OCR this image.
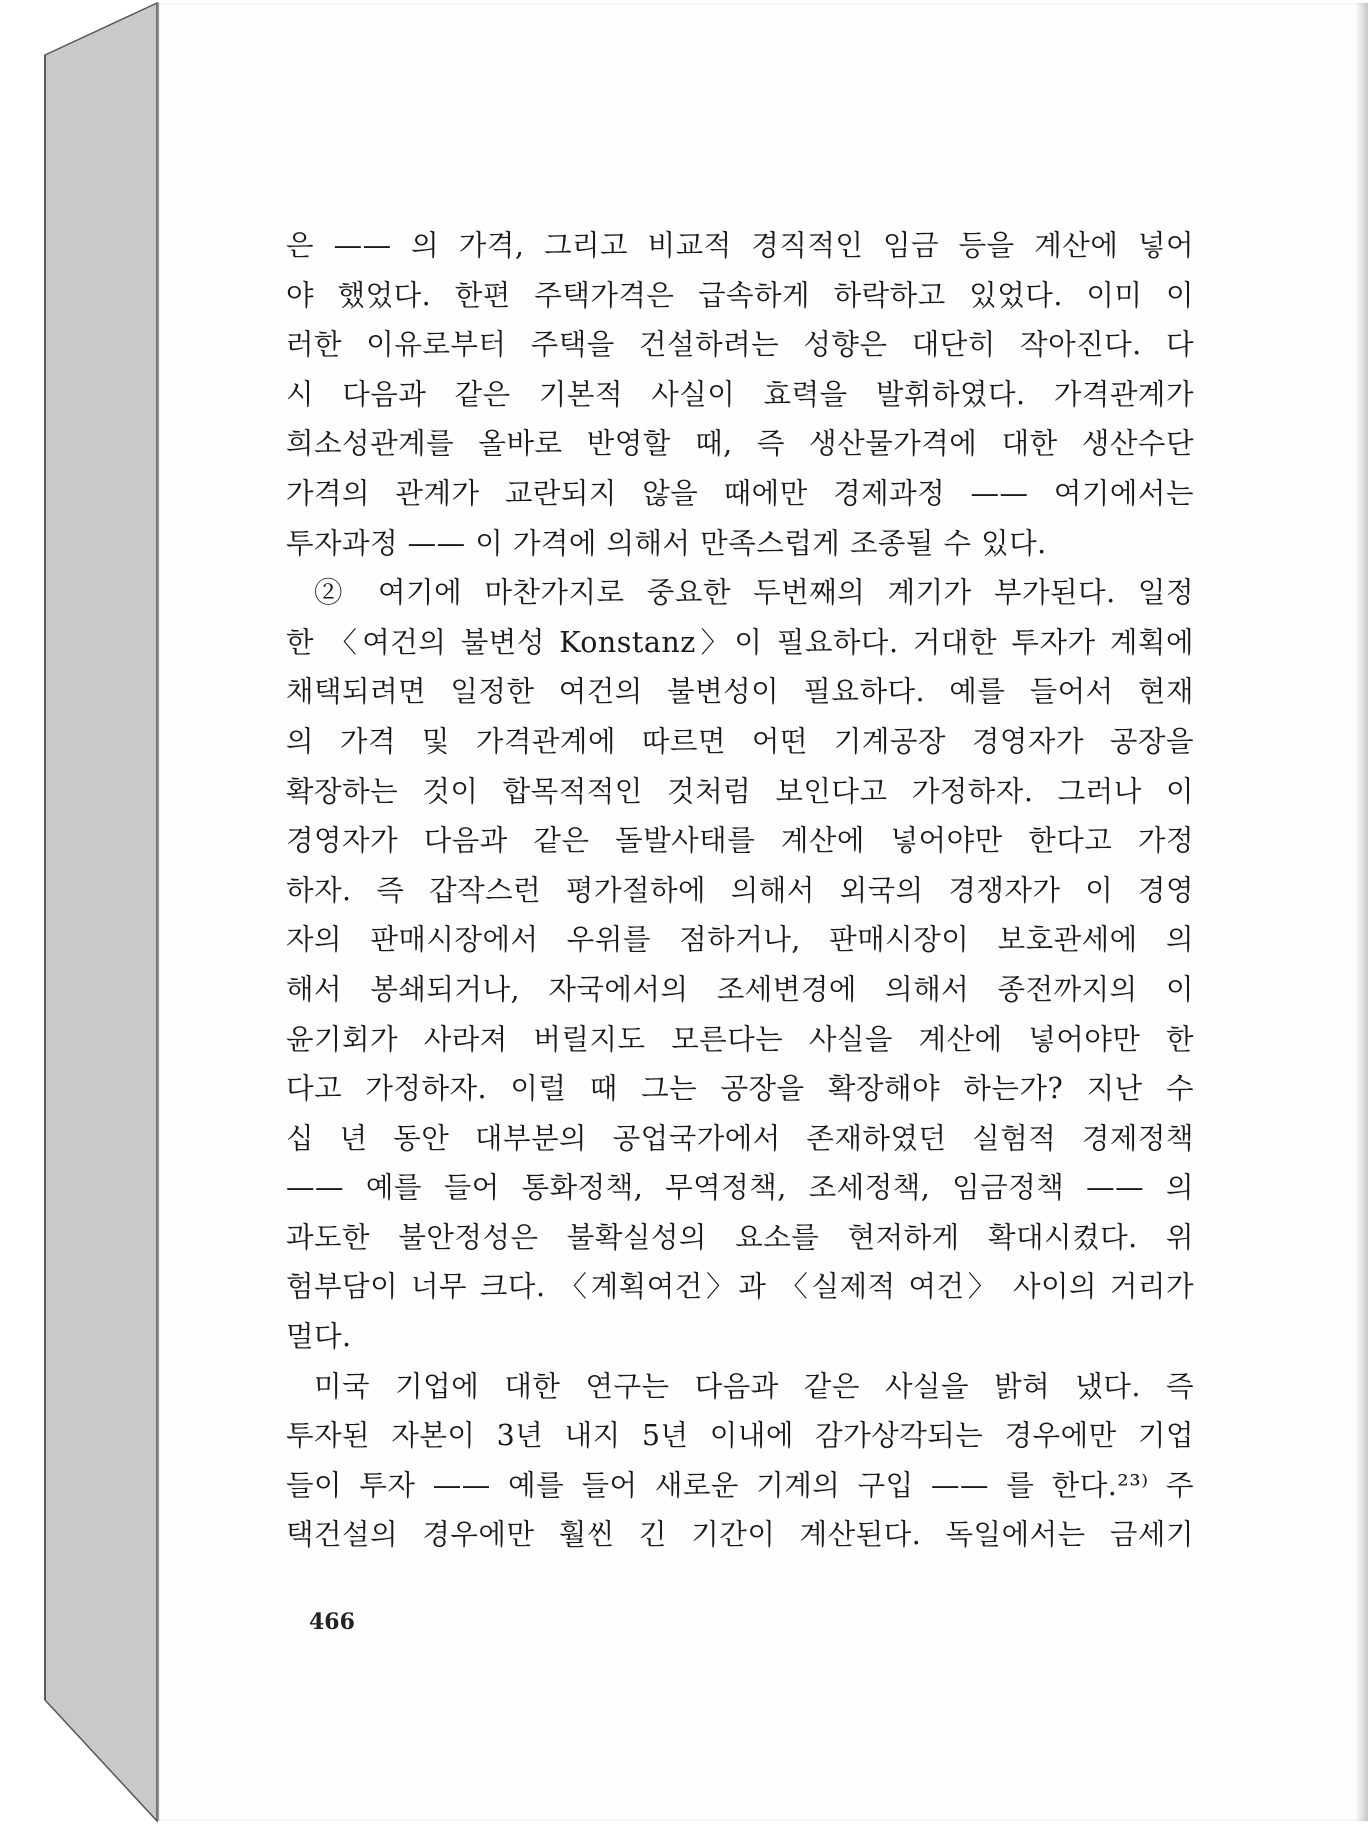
은 —— 의 가격, 그리고 비교적 경직적인 임금 등을 계산에 넣어
야 했었다. 한편 주택가격은 급속하게 하락하고 있었다. 이미 이
러한 이유로부터 주택을 건설하려는 성향은 대단히 작아진다. 다
시 다음과 같은 기본적 사실이 효력을 발휘하였다. 가격관계가
희소성관계를 올바로 반영할 때, 즉 생산물가격에 대한 생산수단
가격의 관계가 교란되지 않을 때에만 경제과정 —— 여기에서는
투자과정 —— 이 가격에 의해서 만족스럽게 조종될 수 있다.
② 여기에 마찬가지로 중요한 두번째의 계기가 부가된다. 일정
한 〈여건의 불변성 Konstanz〉이 필요하다. 거대한 투자가 계획에
채택되려면 일정한 여건의 불변성이 필요하다. 예를 들어서 현재
의 가격 및 가격관계에 따르면 어떤 기계공장 경영자가 공장을
확장하는 것이 합목적적인 것처럼 보인다고 가정하자. 그러나 이
경영자가 다음과 같은 돌발사태를 계산에 넣어야만 한다고 가정
하자. 즉 갑작스런 평가절하에 의해서 외국의 경쟁자가 이 경영
자의 판매시장에서 우위를 점하거나, 판매시장이 보호관세에 의
해서 봉쇄되거나, 자국에서의 조세변경에 의해서 종전까지의 이
윤기회가 사라져 버릴지도 모른다는 사실을 계산에 넣어야만 한
다고 가정하자. 이럴 때 그는 공장을 확장해야 하는가? 지난 수
십 년 동안 대부분의 공업국가에서 존재하였던 실험적 경제정책
—— 예를 들어 통화정책, 무역정책, 조세정책, 임금정책 —— 의
과도한 불안정성은 불확실성의 요소를 현저하게 확대시켰다. 위
험부담이 너무 크다. 〈계획여건〉과 〈실제적 여건〉 사이의 거리가
멀다.
미국 기업에 대한 연구는 다음과 같은 사실을 밝혀 냈다. 즉
투자된 자본이 3년 내지 5년 이내에 감가상각되는 경우에만 기업
들이 투자 —— 예를 들어 새로운 기계의 구입 —— 를 한다.²³⁾ 주
택건설의 경우에만 훨씬 긴 기간이 계산된다. 독일에서는 금세기
466
